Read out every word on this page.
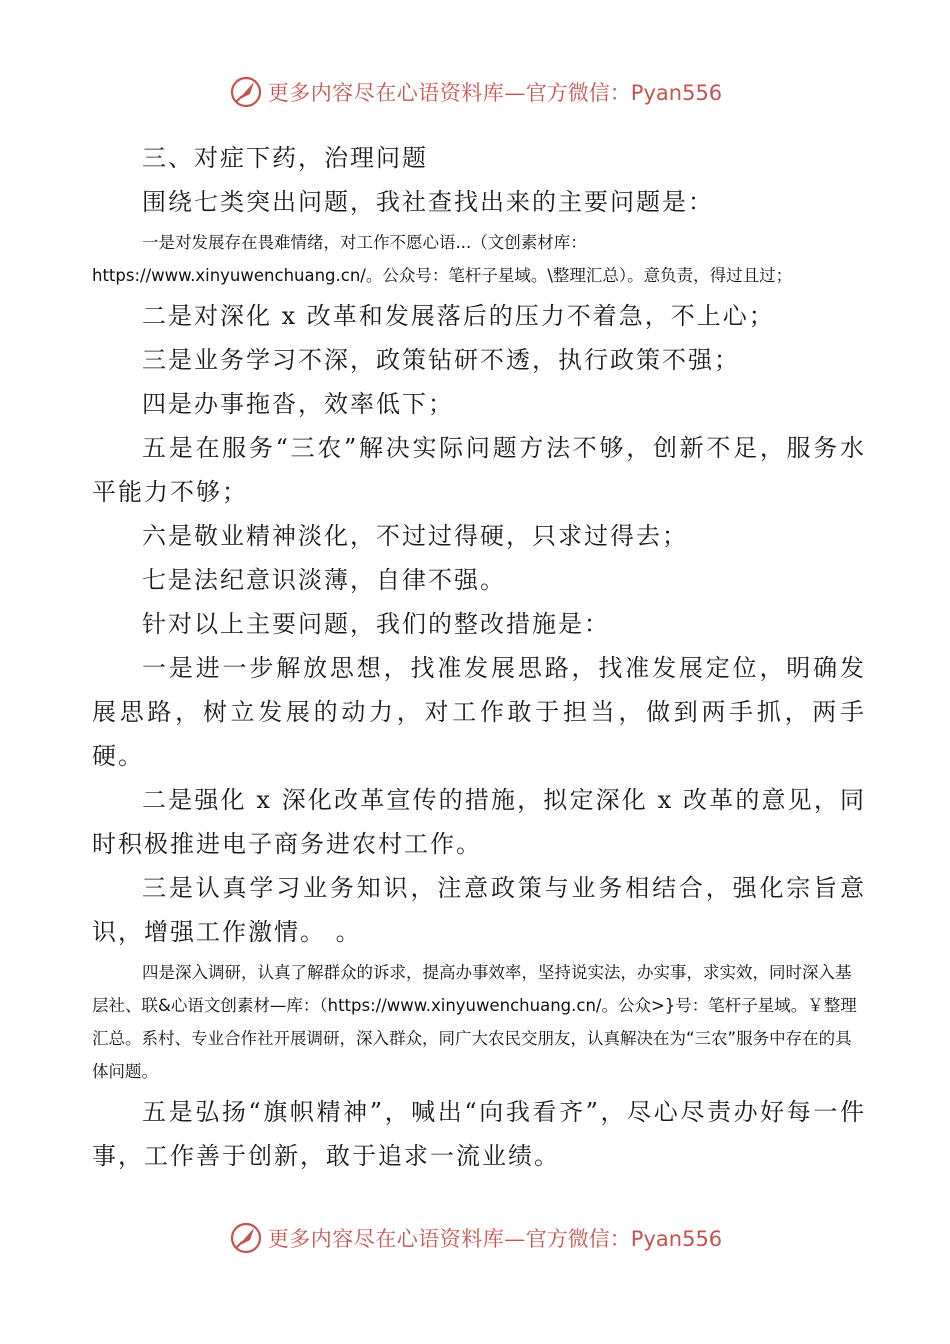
更多内容尽在心语资料库— 官方微信：Pyan556

三、对症下药，治理问题

围绕七类突出问题，我社查找出来的主要问题是：

一是对发展存在畏难情绪，对工作不愿心语...（文创素材库：https://www.xinyuwenchuang.cn/。公众号：笔杆子星域。\整理汇总）。意负责，得过且过；

二是对深化 x 改革和发展落后的压力不着急，不上心；

三是业务学习不深，政策钻研不透，执行政策不强；

四是办事拖沓，效率低下；

五是在服务“三农”解决实际问题方法不够，创新不足，服务水平能力不够；

六是敬业精神淡化，不过过得硬，只求过得去；

七是法纪意识淡薄，自律不强。

针对以上主要问题，我们的整改措施是：

一是进一步解放思想，找准发展思路，找准发展定位，明确发展思路，树立发展的动力，对工作敢于担当，做到两手抓，两手硬。

二是强化 x 深化改革宣传的措施，拟定深化 x 改革的意见，同时积极推进电子商务进农村工作。

三是认真学习业务知识，注意政策与业务相结合，强化宗旨意识，增强工作激情。 。

四是深入调研，认真了解群众的诉求，提高办事效率，坚持说实法，办实事，求实效，同时深入基层社、联&心语文创素材—库：（https://www.xinyuwenchuang.cn/。公众>}号：笔杆子星域。￥整理汇总。系村、专业合作社开展调研，深入群众，同广大农民交朋友，认真解决在为“三农”服务中存在的具体问题。

五是弘扬“旗帜精神”，喊出“向我看齐”，尽心尽责办好每一件事，工作善于创新，敢于追求一流业绩。

更多内容尽在心语资料库— 官方微信：Pyan556
